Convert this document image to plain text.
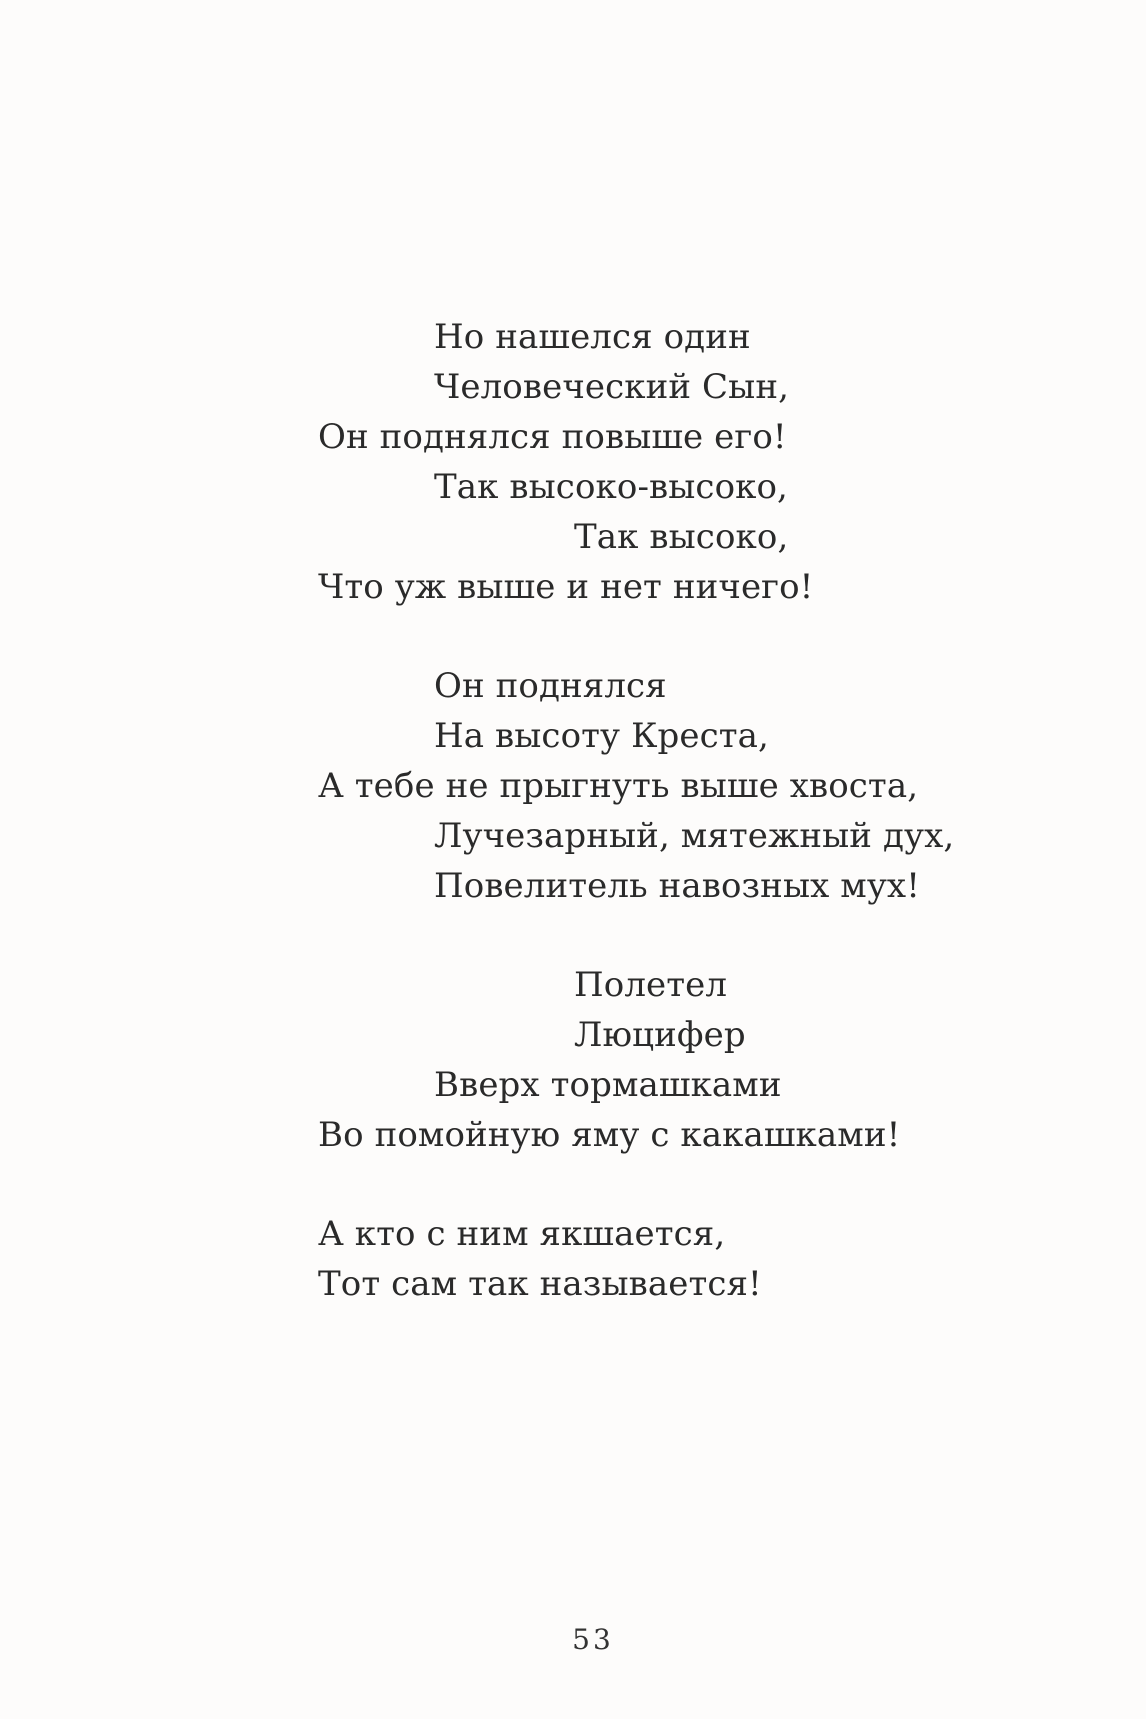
Но нашелся один
Человеческий Сын,
Он поднялся повыше его!
Так высоко-высоко,
Так высоко,
Что уж выше и нет ничего!
Он поднялся
На высоту Креста,
А тебе не прыгнуть выше хвоста,
Лучезарный, мятежный дух,
Повелитель навозных мух!
Полетел
Люцифер
Вверх тормашками
Во помойную яму с какашками!
А кто с ним якшается,
Тот сам так называется!
53
